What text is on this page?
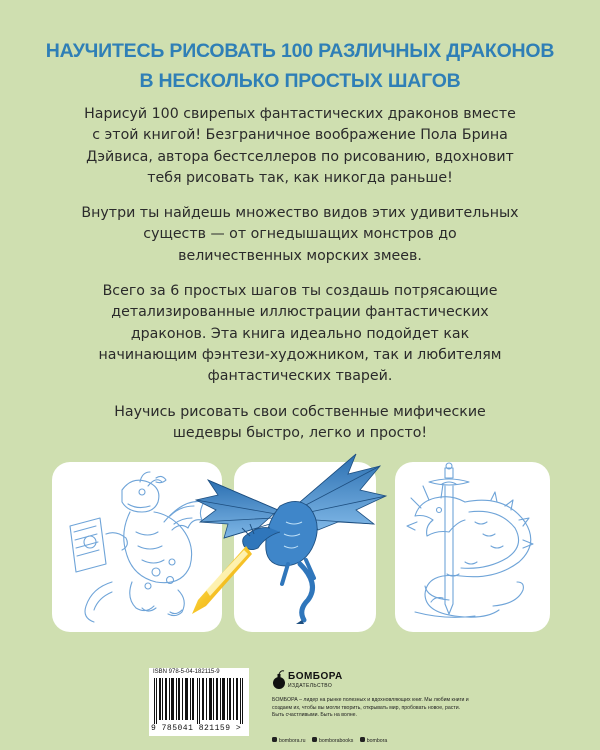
НАУЧИТЕСЬ РИСОВАТЬ 100 РАЗЛИЧНЫХ ДРАКОНОВ
В НЕСКОЛЬКО ПРОСТЫХ ШАГОВ

Нарисуй 100 свирепых фантастических драконов вместе с этой книгой! Безграничное воображение Пола Брина Дэйвиса, автора бестселлеров по рисованию, вдохновит тебя рисовать так, как никогда раньше!

Внутри ты найдешь множество видов этих удивительных существ — от огнедышащих монстров до величественных морских змеев.

Всего за 6 простых шагов ты создашь потрясающие детализированные иллюстрации фантастических драконов. Эта книга идеально подойдет как начинающим фэнтези-художником, так и любителям фантастических тварей.

Научись рисовать свои собственные мифические шедевры быстро, легко и просто!

ISBN 978-5-04-182115-9
9 785041 821159 >
БОМБОРА
ИЗДАТЕЛЬСТВО
БОМБОРА – лидер на рынке полезных и вдохновляющих книг. Мы любим книги и создаем их, чтобы вы могли творить, открывать мир, пробовать новое, расти. Быть счастливыми. Быть на волне.
bombora.ru	bomborabooks	bombora
